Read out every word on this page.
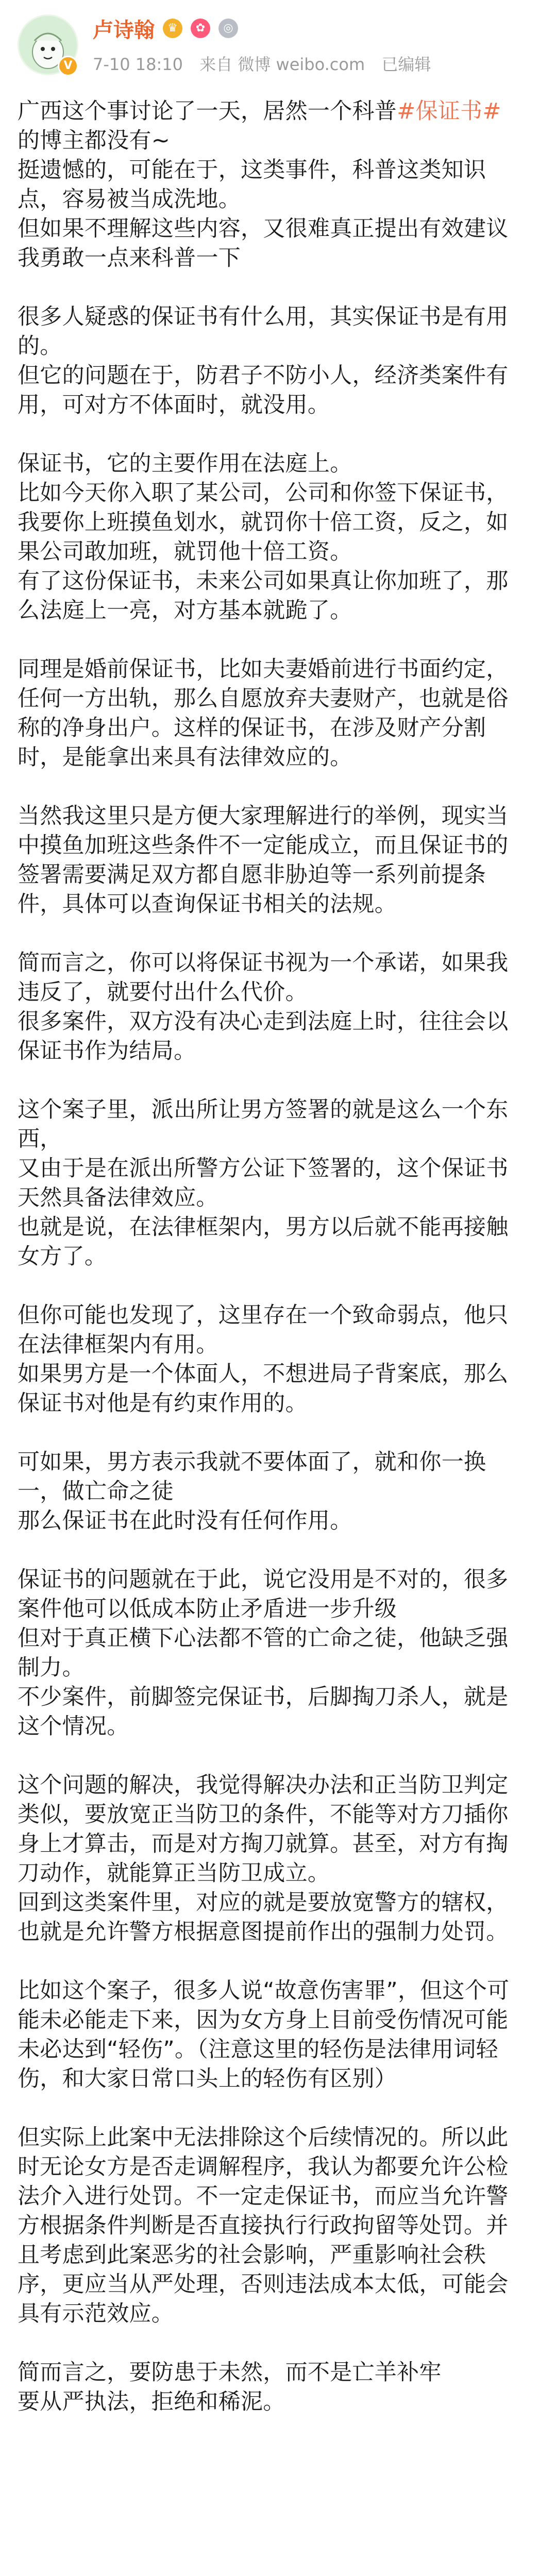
V
卢诗翰	♛	✿	◎
7-10 18:10 来自 微博 weibo.com 已编辑
广西这个事讨论了一天，居然一个科普#保证书#
的博主都没有~
挺遗憾的，可能在于，这类事件，科普这类知识
点，容易被当成洗地。
但如果不理解这些内容，又很难真正提出有效建议
我勇敢一点来科普一下
很多人疑惑的保证书有什么用，其实保证书是有用
的。
但它的问题在于，防君子不防小人，经济类案件有
用，可对方不体面时，就没用。
保证书，它的主要作用在法庭上。
比如今天你入职了某公司，公司和你签下保证书，
我要你上班摸鱼划水，就罚你十倍工资，反之，如
果公司敢加班，就罚他十倍工资。
有了这份保证书，未来公司如果真让你加班了，那
么法庭上一亮，对方基本就跪了。
同理是婚前保证书，比如夫妻婚前进行书面约定，
任何一方出轨，那么自愿放弃夫妻财产，也就是俗
称的净身出户。这样的保证书，在涉及财产分割
时，是能拿出来具有法律效应的。
当然我这里只是方便大家理解进行的举例，现实当
中摸鱼加班这些条件不一定能成立，而且保证书的
签署需要满足双方都自愿非胁迫等一系列前提条
件，具体可以查询保证书相关的法规。
简而言之，你可以将保证书视为一个承诺，如果我
违反了，就要付出什么代价。
很多案件，双方没有决心走到法庭上时，往往会以
保证书作为结局。
这个案子里，派出所让男方签署的就是这么一个东
西，
又由于是在派出所警方公证下签署的，这个保证书
天然具备法律效应。
也就是说，在法律框架内，男方以后就不能再接触
女方了。
但你可能也发现了，这里存在一个致命弱点，他只
在法律框架内有用。
如果男方是一个体面人，不想进局子背案底，那么
保证书对他是有约束作用的。
可如果，男方表示我就不要体面了，就和你一换
一，做亡命之徒
那么保证书在此时没有任何作用。
保证书的问题就在于此，说它没用是不对的，很多
案件他可以低成本防止矛盾进一步升级
但对于真正横下心法都不管的亡命之徒，他缺乏强
制力。
不少案件，前脚签完保证书，后脚掏刀杀人，就是
这个情况。
这个问题的解决，我觉得解决办法和正当防卫判定
类似，要放宽正当防卫的条件，不能等对方刀插你
身上才算击，而是对方掏刀就算。甚至，对方有掏
刀动作，就能算正当防卫成立。
回到这类案件里，对应的就是要放宽警方的辖权，
也就是允许警方根据意图提前作出的强制力处罚。
比如这个案子，很多人说“故意伤害罪”，但这个可
能未必能走下来，因为女方身上目前受伤情况可能
未必达到“轻伤”。（注意这里的轻伤是法律用词轻
伤，和大家日常口头上的轻伤有区别）
但实际上此案中无法排除这个后续情况的。所以此
时无论女方是否走调解程序，我认为都要允许公检
法介入进行处罚。不一定走保证书，而应当允许警
方根据条件判断是否直接执行行政拘留等处罚。并
且考虑到此案恶劣的社会影响，严重影响社会秩
序，更应当从严处理，否则违法成本太低，可能会
具有示范效应。
简而言之，要防患于未然，而不是亡羊补牢
要从严执法，拒绝和稀泥。
